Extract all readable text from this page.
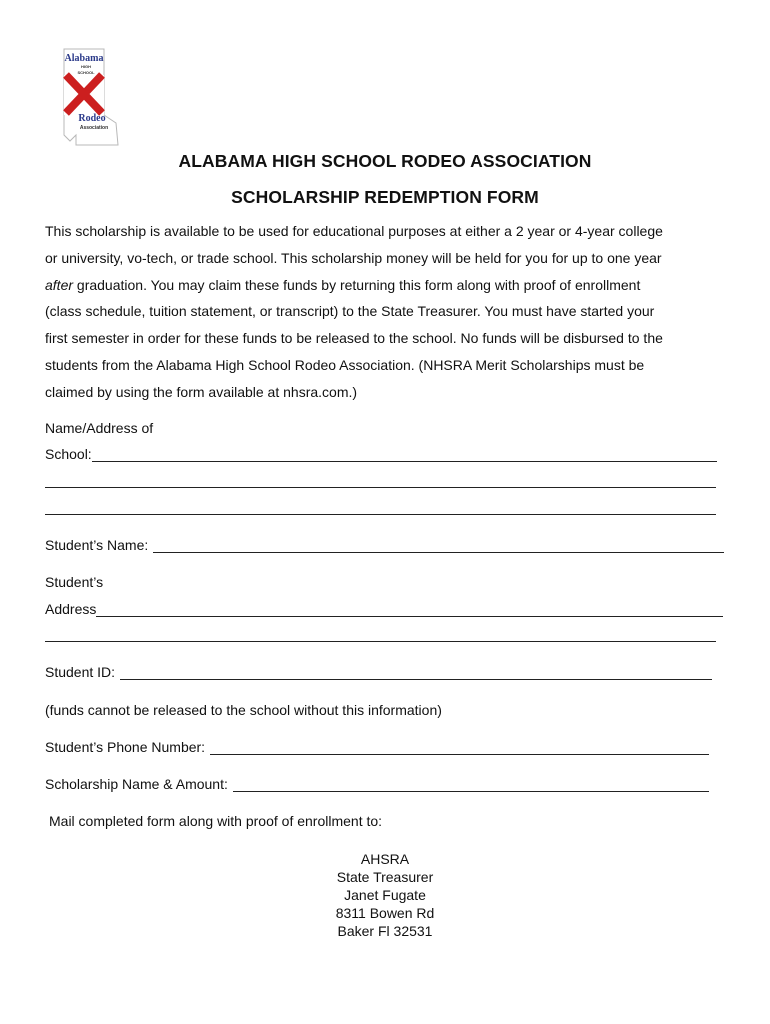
Alabama
HIGH
SCHOOL
Rodeo
Association
ALABAMA HIGH SCHOOL RODEO ASSOCIATION
SCHOLARSHIP REDEMPTION FORM

This scholarship is available to be used for educational purposes at either a 2 year or 4-year college

or university, vo-tech, or trade school. This scholarship money will be held for you for up to one year

after graduation. You may claim these funds by returning this form along with proof of enrollment

(class schedule, tuition statement, or transcript) to the State Treasurer. You must have started your

first semester in order for these funds to be released to the school. No funds will be disbursed to the

students from the Alabama High School Rodeo Association. (NHSRA Merit Scholarships must be

claimed by using the form available at nhsra.com.)

Name/Address of
School:
Student’s Name:
Student’s
Address
Student ID:
(funds cannot be released to the school without this information)
Student’s Phone Number:
Scholarship Name & Amount:
Mail completed form along with proof of enrollment to:
AHSRA
State Treasurer
Janet Fugate
8311 Bowen Rd
Baker Fl 32531
